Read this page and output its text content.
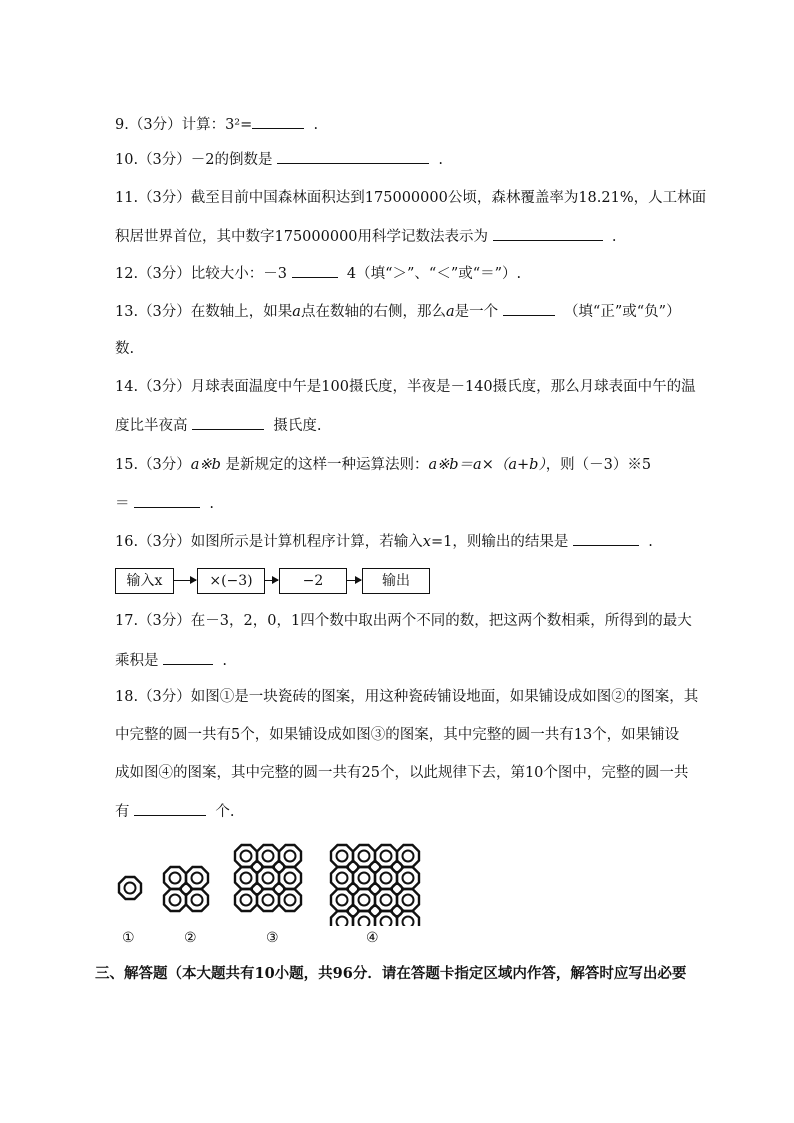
9.（3分）计算：3²=	.
10.（3分）－2的倒数是	.
11.（3分）截至目前中国森林面积达到175000000公顷，森林覆盖率为18.21%，人工林面
积居世界首位，其中数字175000000用科学记数法表示为	.
12.（3分）比较大小：－3	4（填“＞”、“＜”或“＝”）.
13.（3分）在数轴上，如果a点在数轴的右侧，那么a是一个	（填“正”或“负”）
数.
14.（3分）月球表面温度中午是100摄氏度，半夜是－140摄氏度，那么月球表面中午的温
度比半夜高	摄氏度.
15.（3分）a※b 是新规定的这样一种运算法则：a※b＝a×（a+b），则（－3）※5
＝	.
16.（3分）如图所示是计算机程序计算，若输入x=1，则输出的结果是	.
输入x	×(−3)	−2	输出
17.（3分）在－3，2，0，1四个数中取出两个不同的数，把这两个数相乘，所得到的最大
乘积是	.
18.（3分）如图①是一块瓷砖的图案，用这种瓷砖铺设地面，如果铺设成如图②的图案，其
中完整的圆一共有5个，如果铺设成如图③的图案，其中完整的圆一共有13个，如果铺设
成如图④的图案，其中完整的圆一共有25个，以此规律下去，第10个图中，完整的圆一共
有	个.
①	②	③	④
三、解答题（本大题共有10小题，共96分．请在答题卡指定区域内作答，解答时应写出必要
